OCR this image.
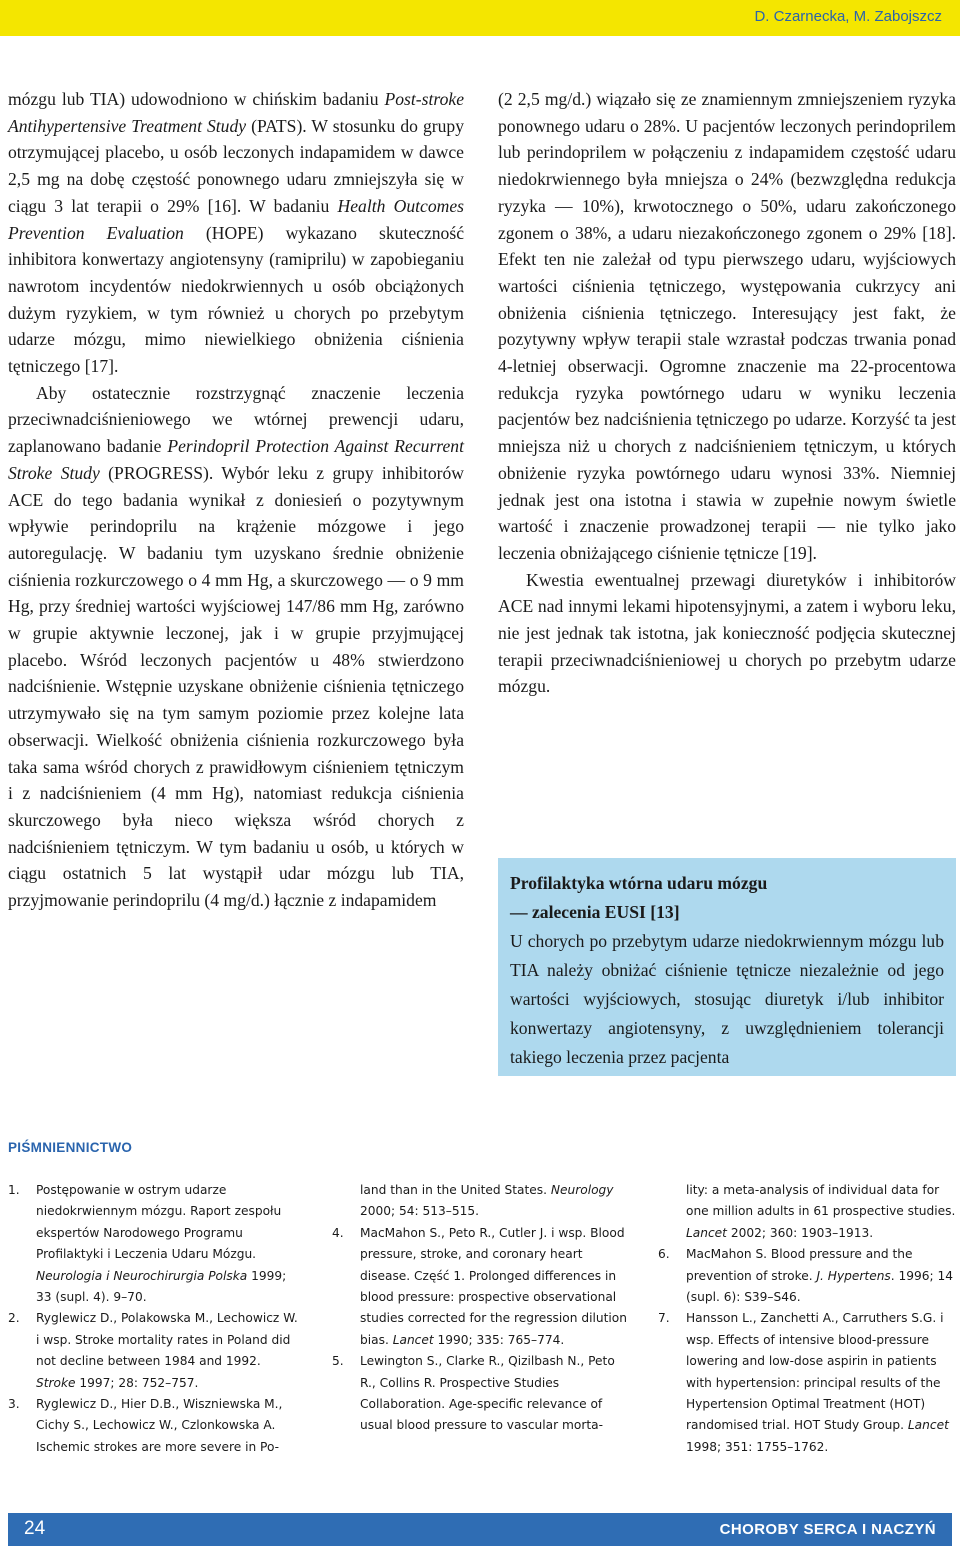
D. Czarnecka, M. Zabojszcz

mózgu lub TIA) udowodniono w chińskim badaniu Post-stroke Antihypertensive Treatment Study (PATS). W stosunku do grupy otrzymującej placebo, u osób leczonych indapamidem w dawce 2,5 mg na dobę częstość ponownego udaru zmniejszyła się w ciągu 3 lat terapii o 29% [16]. W badaniu Health Outcomes Prevention Evaluation (HOPE) wykazano skuteczność inhibitora konwertazy angiotensyny (ramiprilu) w zapobieganiu nawrotom incydentów niedokrwiennych u osób obciążonych dużym ryzykiem, w tym również u chorych po przebytym udarze mózgu, mimo niewielkiego obniżenia ciśnienia tętniczego [17].

Aby ostatecznie rozstrzygnąć znaczenie leczenia przeciwnadciśnieniowego we wtórnej prewencji udaru, zaplanowano badanie Perindopril Protection Against Recurrent Stroke Study (PROGRESS). Wybór leku z grupy inhibitorów ACE do tego badania wynikał z doniesień o pozytywnym wpływie perindoprilu na krążenie mózgowe i jego autoregulację. W badaniu tym uzyskano średnie obniżenie ciśnienia rozkurczowego o 4 mm Hg, a skurczowego — o 9 mm Hg, przy średniej wartości wyjściowej 147/86 mm Hg, zarówno w grupie aktywnie leczonej, jak i w grupie przyjmującej placebo. Wśród leczonych pacjentów u 48% stwierdzono nadciśnienie. Wstępnie uzyskane obniżenie ciśnienia tętniczego utrzymywało się na tym samym poziomie przez kolejne lata obserwacji. Wielkość obniżenia ciśnienia rozkurczowego była taka sama wśród chorych z prawidłowym ciśnieniem tętniczym i z nadciśnieniem (4 mm Hg), natomiast redukcja ciśnienia skurczowego była nieco większa wśród chorych z nadciśnieniem tętniczym. W tym badaniu u osób, u których w ciągu ostatnich 5 lat wystąpił udar mózgu lub TIA, przyjmowanie perindoprilu (4 mg/d.) łącznie z indapamidem

(2 2,5 mg/d.) wiązało się ze znamiennym zmniejszeniem ryzyka ponownego udaru o 28%. U pacjentów leczonych perindoprilem lub perindoprilem w połączeniu z indapamidem częstość udaru niedokrwiennego była mniejsza o 24% (bezwzględna redukcja ryzyka — 10%), krwotocznego o 50%, udaru zakończonego zgonem o 38%, a udaru niezakończonego zgonem o 29% [18]. Efekt ten nie zależał od typu pierwszego udaru, wyjściowych wartości ciśnienia tętniczego, występowania cukrzycy ani obniżenia ciśnienia tętniczego. Interesujący jest fakt, że pozytywny wpływ terapii stale wzrastał podczas trwania ponad 4-letniej obserwacji. Ogromne znaczenie ma 22-procentowa redukcja ryzyka powtórnego udaru w wyniku leczenia pacjentów bez nadciśnienia tętniczego po udarze. Korzyść ta jest mniejsza niż u chorych z nadciśnieniem tętniczym, u których obniżenie ryzyka powtórnego udaru wynosi 33%. Niemniej jednak jest ona istotna i stawia w zupełnie nowym świetle wartość i znaczenie prowadzonej terapii — nie tylko jako leczenia obniżającego ciśnienie tętnicze [19].

Kwestia ewentualnej przewagi diuretyków i inhibitorów ACE nad innymi lekami hipotensyjnymi, a zatem i wyboru leku, nie jest jednak tak istotna, jak konieczność podjęcia skutecznej terapii przeciwnadciśnieniowej u chorych po przebytm udarze mózgu.

Profilaktyka wtórna udaru mózgu

— zalecenia EUSI [13]

U chorych po przebytym udarze niedokrwiennym mózgu lub TIA należy obniżać ciśnienie tętnicze niezależnie od jego wartości wyjściowych, stosując diuretyk i/lub inhibitor konwertazy angiotensyny, z uwzględnieniem tolerancji takiego leczenia przez pacjenta

PIŚMNIENNICTWO

1. Postępowanie w ostrym udarze niedokrwiennym mózgu. Raport zespołu ekspertów Narodowego Programu Profilaktyki i Leczenia Udaru Mózgu. Neurologia i Neurochirurgia Polska 1999; 33 (supl. 4). 9–70.

2. Ryglewicz D., Polakowska M., Lechowicz W. i wsp. Stroke mortality rates in Poland did not decline between 1984 and 1992. Stroke 1997; 28: 752–757.

3. Ryglewicz D., Hier D.B., Wiszniewska M., Cichy S., Lechowicz W., Czlonkowska A. Ischemic strokes are more severe in Po-

land than in the United States. Neurology 2000; 54: 513–515.

4. MacMahon S., Peto R., Cutler J. i wsp. Blood pressure, stroke, and coronary heart disease. Część 1. Prolonged differences in blood pressure: prospective observational studies corrected for the regression dilution bias. Lancet 1990; 335: 765–774.

5. Lewington S., Clarke R., Qizilbash N., Peto R., Collins R. Prospective Studies Collaboration. Age-specific relevance of usual blood pressure to vascular morta-

lity: a meta-analysis of individual data for one million adults in 61 prospective studies. Lancet 2002; 360: 1903–1913.

6. MacMahon S. Blood pressure and the prevention of stroke. J. Hypertens. 1996; 14 (supl. 6): S39–S46.

7. Hansson L., Zanchetti A., Carruthers S.G. i wsp. Effects of intensive blood-pressure lowering and low-dose aspirin in patients with hypertension: principal results of the Hypertension Optimal Treatment (HOT) randomised trial. HOT Study Group. Lancet 1998; 351: 1755–1762.

24	CHOROBY SERCA I NACZYŃ
